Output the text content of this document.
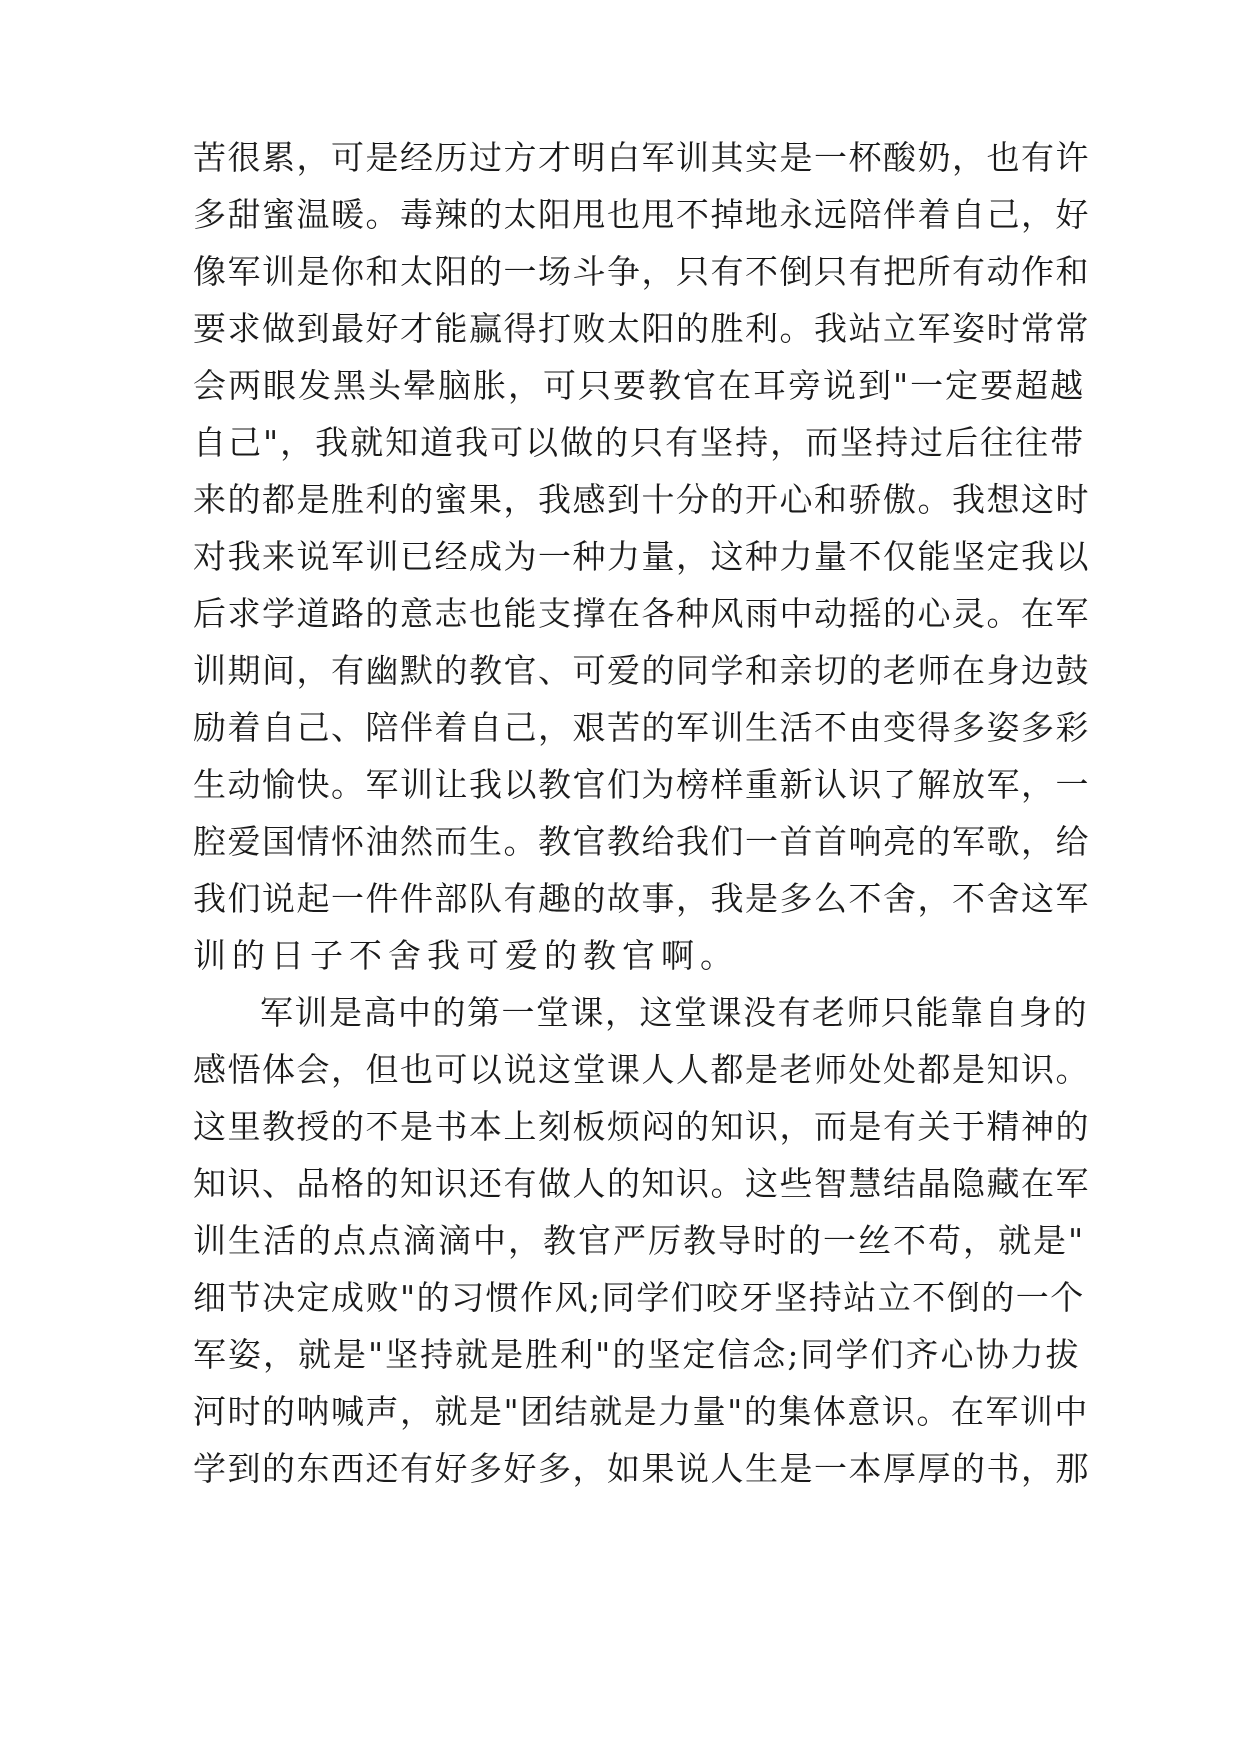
苦很累，可是经历过方才明白军训其实是一杯酸奶，也有许
多甜蜜温暖。毒辣的太阳甩也甩不掉地永远陪伴着自己，好
像军训是你和太阳的一场斗争，只有不倒只有把所有动作和
要求做到最好才能赢得打败太阳的胜利。我站立军姿时常常
会两眼发黑头晕脑胀，可只要教官在耳旁说到"一定要超越
自己"，我就知道我可以做的只有坚持，而坚持过后往往带
来的都是胜利的蜜果，我感到十分的开心和骄傲。我想这时
对我来说军训已经成为一种力量，这种力量不仅能坚定我以
后求学道路的意志也能支撑在各种风雨中动摇的心灵。在军
训期间，有幽默的教官、可爱的同学和亲切的老师在身边鼓
励着自己、陪伴着自己，艰苦的军训生活不由变得多姿多彩
生动愉快。军训让我以教官们为榜样重新认识了解放军，一
腔爱国情怀油然而生。教官教给我们一首首响亮的军歌，给
我们说起一件件部队有趣的故事，我是多么不舍，不舍这军
训的日子不舍我可爱的教官啊。
军训是高中的第一堂课，这堂课没有老师只能靠自身的
感悟体会，但也可以说这堂课人人都是老师处处都是知识。
这里教授的不是书本上刻板烦闷的知识，而是有关于精神的
知识、品格的知识还有做人的知识。这些智慧结晶隐藏在军
训生活的点点滴滴中，教官严厉教导时的一丝不苟，就是"
细节决定成败"的习惯作风;同学们咬牙坚持站立不倒的一个
军姿，就是"坚持就是胜利"的坚定信念;同学们齐心协力拔
河时的呐喊声，就是"团结就是力量"的集体意识。在军训中
学到的东西还有好多好多，如果说人生是一本厚厚的书，那
